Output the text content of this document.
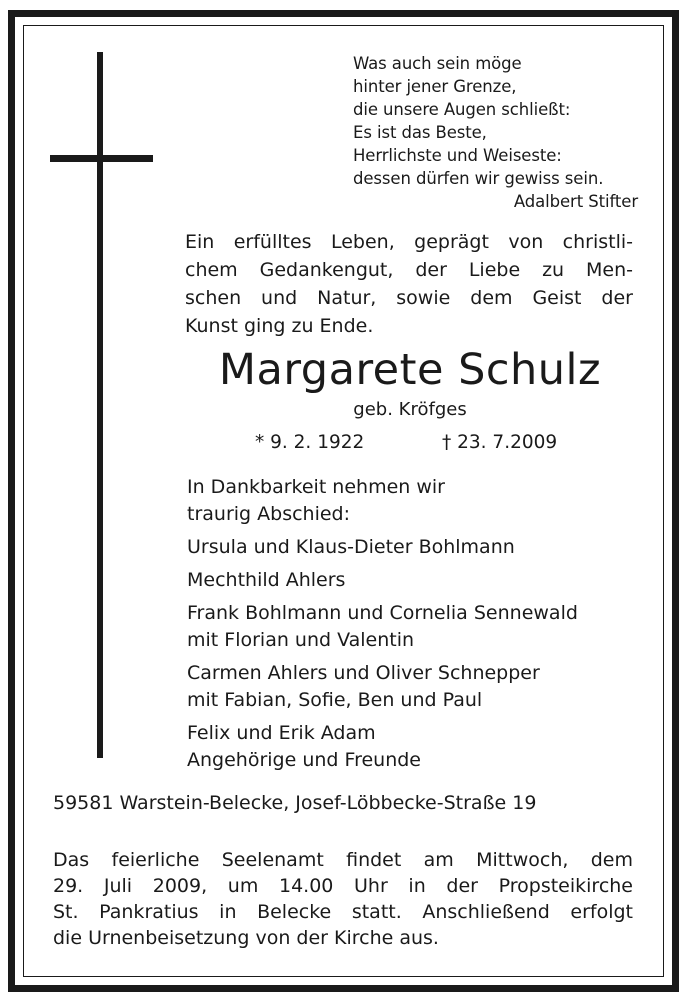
Was auch sein möge
hinter jener Grenze,
die unsere Augen schließt:
Es ist das Beste,
Herrlichste und Weiseste:
dessen dürfen wir gewiss sein.
Adalbert Stifter
Ein erfülltes Leben, geprägt von christli-
chem Gedankengut, der Liebe zu Men-
schen und Natur, sowie dem Geist der
Kunst ging zu Ende.
Margarete Schulz
geb. Kröfges
* 9. 2. 1922	† 23. 7.2009
In Dankbarkeit nehmen wir
traurig Abschied:
Ursula und Klaus-Dieter Bohlmann
Mechthild Ahlers
Frank Bohlmann und Cornelia Sennewald
mit Florian und Valentin
Carmen Ahlers und Oliver Schnepper
mit Fabian, Sofie, Ben und Paul
Felix und Erik Adam
Angehörige und Freunde
59581 Warstein-Belecke, Josef-Löbbecke-Straße 19
Das feierliche Seelenamt findet am Mittwoch, dem
29. Juli 2009, um 14.00 Uhr in der Propsteikirche
St. Pankratius in Belecke statt. Anschließend erfolgt
die Urnenbeisetzung von der Kirche aus.
